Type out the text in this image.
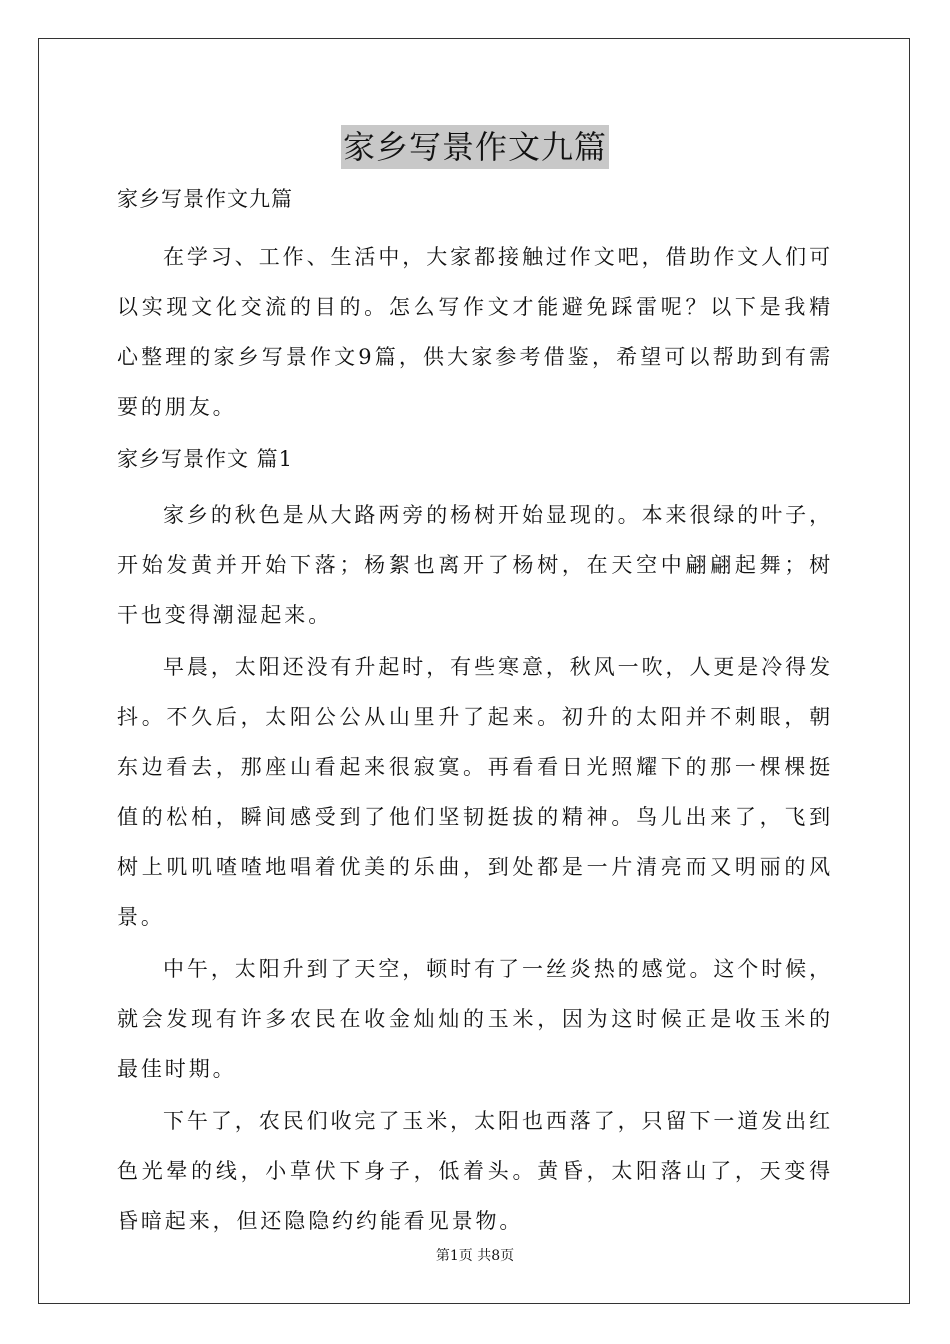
家乡写景作文九篇
家乡写景作文九篇

在学习、工作、生活中，大家都接触过作文吧，借助作文人们可以实现文化交流的目的。怎么写作文才能避免踩雷呢？以下是我精心整理的家乡写景作文9篇，供大家参考借鉴，希望可以帮助到有需要的朋友。

家乡写景作文 篇1

家乡的秋色是从大路两旁的杨树开始显现的。本来很绿的叶子，开始发黄并开始下落；杨絮也离开了杨树，在天空中翩翩起舞；树干也变得潮湿起来。

早晨，太阳还没有升起时，有些寒意，秋风一吹，人更是冷得发抖。不久后，太阳公公从山里升了起来。初升的太阳并不刺眼，朝东边看去，那座山看起来很寂寞。再看看日光照耀下的那一棵棵挺值的松柏，瞬间感受到了他们坚韧挺拔的精神。鸟儿出来了，飞到树上叽叽喳喳地唱着优美的乐曲，到处都是一片清亮而又明丽的风景。

中午，太阳升到了天空，顿时有了一丝炎热的感觉。这个时候，就会发现有许多农民在收金灿灿的玉米，因为这时候正是收玉米的最佳时期。

下午了，农民们收完了玉米，太阳也西落了，只留下一道发出红色光晕的线，小草伏下身子，低着头。黄昏，太阳落山了，天变得昏暗起来，但还隐隐约约能看见景物。

第1页 共8页
